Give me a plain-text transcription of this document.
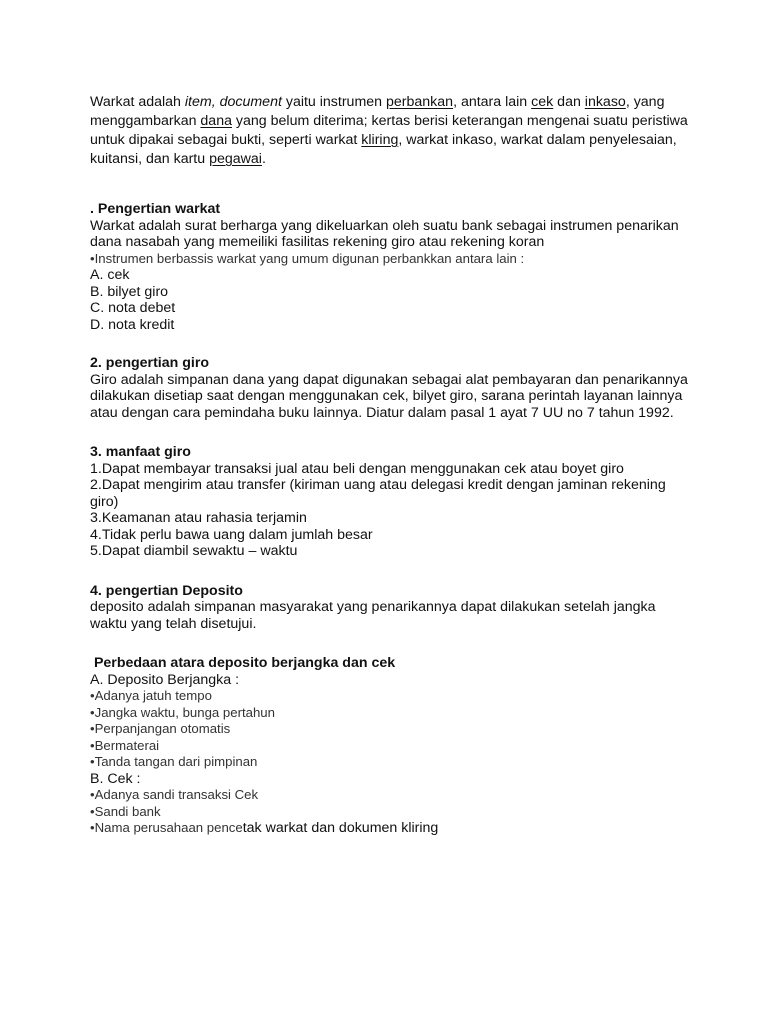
Warkat adalah item, document yaitu instrumen perbankan, antara lain cek dan inkaso, yang menggambarkan dana yang belum diterima; kertas berisi keterangan mengenai suatu peristiwa untuk dipakai sebagai bukti, seperti warkat kliring, warkat inkaso, warkat dalam penyelesaian, kuitansi, dan kartu pegawai.

. Pengertian warkat

Warkat adalah surat berharga yang dikeluarkan oleh suatu bank sebagai instrumen penarikan dana nasabah yang memeiliki fasilitas rekening giro atau rekening koran

•Instrumen berbassis warkat yang umum digunan perbankkan antara lain :

A. cek

B. bilyet giro

C. nota debet

D. nota kredit

2. pengertian giro

Giro adalah simpanan dana yang dapat digunakan sebagai alat pembayaran dan penarikannya dilakukan disetiap saat dengan menggunakan cek, bilyet giro, sarana perintah layanan lainnya atau dengan cara pemindaha buku lainnya. Diatur dalam pasal 1 ayat 7 UU no 7 tahun 1992.

3. manfaat giro

1.Dapat membayar transaksi jual atau beli dengan menggunakan cek atau boyet giro

2.Dapat mengirim atau transfer (kiriman uang atau delegasi kredit dengan jaminan rekening giro)

3.Keamanan atau rahasia terjamin

4.Tidak perlu bawa uang dalam jumlah besar

5.Dapat diambil sewaktu – waktu

4. pengertian Deposito

deposito adalah simpanan masyarakat yang penarikannya dapat dilakukan setelah jangka waktu yang telah disetujui.

Perbedaan atara deposito berjangka dan cek

A. Deposito Berjangka :

•Adanya jatuh tempo

•Jangka waktu, bunga pertahun

•Perpanjangan otomatis

•Bermaterai

•Tanda tangan dari pimpinan

B. Cek :

•Adanya sandi transaksi Cek

•Sandi bank

•Nama perusahaan pencetak warkat dan dokumen kliring
